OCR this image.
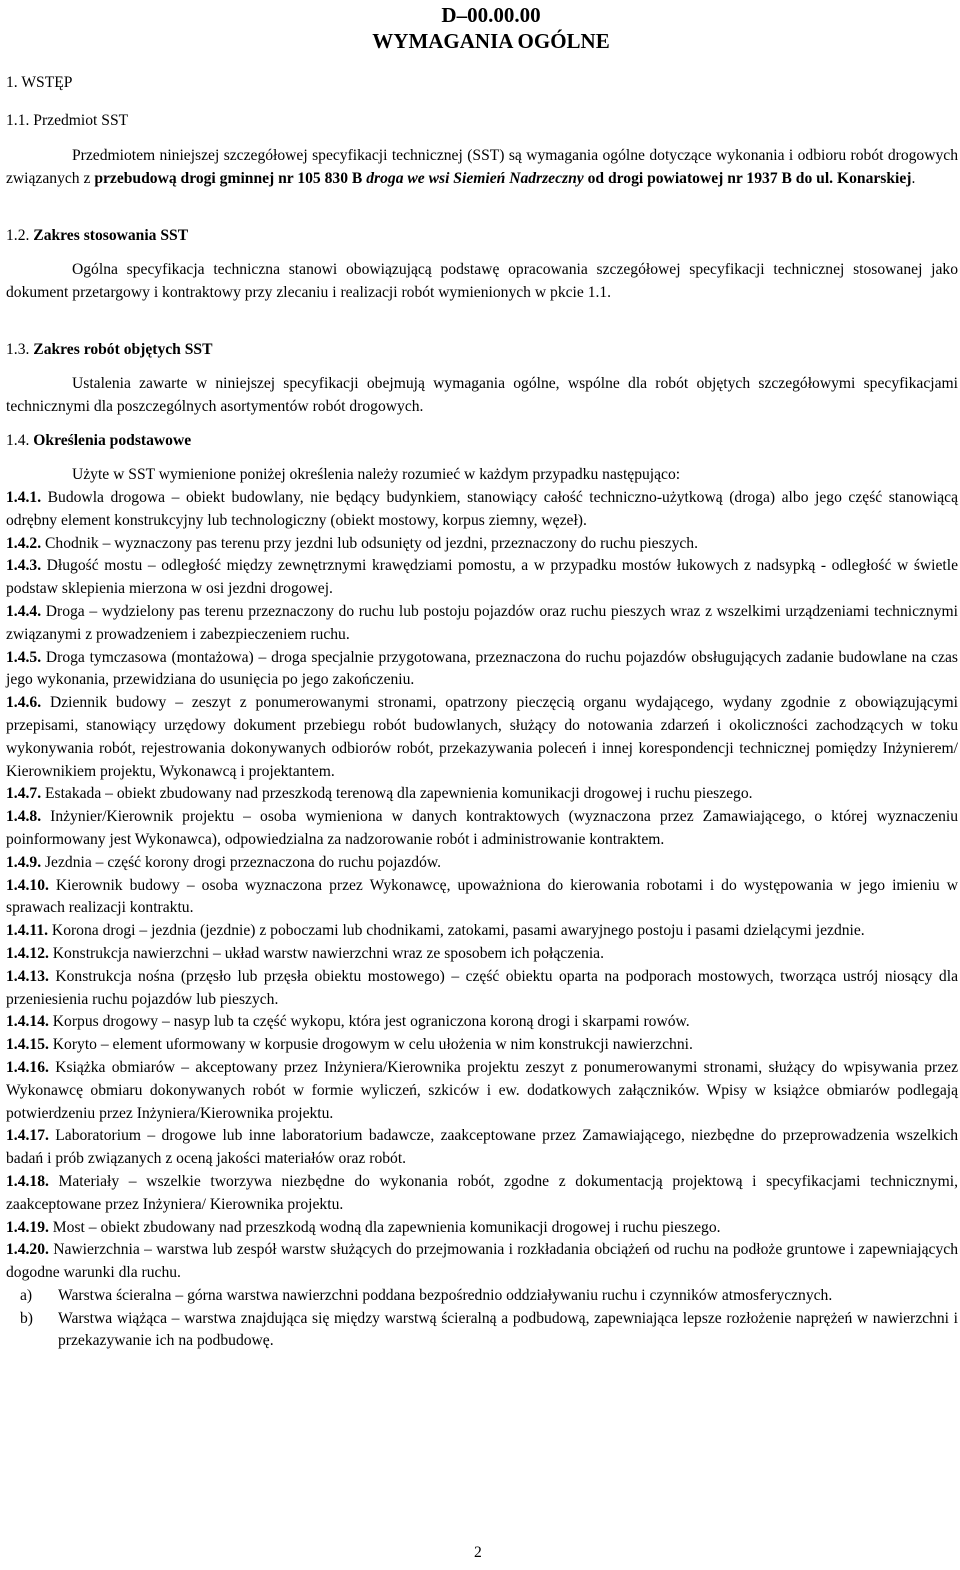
D–00.00.00
WYMAGANIA OGÓLNE
1. WSTĘP
1.1. Przedmiot SST
Przedmiotem niniejszej szczegółowej specyfikacji technicznej (SST) są wymagania ogólne dotyczące wykonania i odbioru robót drogowych związanych z przebudową drogi gminnej nr 105 830 B droga we wsi Siemień Nadrzeczny od drogi powiatowej nr 1937 B do ul. Konarskiej.
1.2. Zakres stosowania SST
Ogólna specyfikacja techniczna stanowi obowiązującą podstawę opracowania szczegółowej specyfikacji technicznej stosowanej jako dokument przetargowy i kontraktowy przy zlecaniu i realizacji robót wymienionych w pkcie 1.1.
1.3. Zakres robót objętych SST
Ustalenia zawarte w niniejszej specyfikacji obejmują wymagania ogólne, wspólne dla robót objętych szczegółowymi specyfikacjami technicznymi dla poszczególnych asortymentów robót drogowych.
1.4. Określenia podstawowe
Użyte w SST wymienione poniżej określenia należy rozumieć w każdym przypadku następująco:
1.4.1. Budowla drogowa – obiekt budowlany, nie będący budynkiem, stanowiący całość techniczno-użytkową (droga) albo jego część stanowiącą odrębny element konstrukcyjny lub technologiczny (obiekt mostowy, korpus ziemny, węzeł).
1.4.2. Chodnik – wyznaczony pas terenu przy jezdni lub odsunięty od jezdni, przeznaczony do ruchu pieszych.
1.4.3. Długość mostu – odległość między zewnętrznymi krawędziami pomostu, a w przypadku mostów łukowych z nadsypką - odległość w świetle podstaw sklepienia mierzona w osi jezdni drogowej.
1.4.4. Droga – wydzielony pas terenu przeznaczony do ruchu lub postoju pojazdów oraz ruchu pieszych wraz z wszelkimi urządzeniami technicznymi związanymi z prowadzeniem i zabezpieczeniem ruchu.
1.4.5. Droga tymczasowa (montażowa) – droga specjalnie przygotowana, przeznaczona do ruchu pojazdów obsługujących zadanie budowlane na czas jego wykonania, przewidziana do usunięcia po jego zakończeniu.
1.4.6. Dziennik budowy – zeszyt z ponumerowanymi stronami, opatrzony pieczęcią organu wydającego, wydany zgodnie z obowiązującymi przepisami, stanowiący urzędowy dokument przebiegu robót budowlanych, służący do notowania zdarzeń i okoliczności zachodzących w toku wykonywania robót, rejestrowania dokonywanych odbiorów robót, przekazywania poleceń i innej korespondencji technicznej pomiędzy Inżynierem/ Kierownikiem projektu, Wykonawcą i projektantem.
1.4.7. Estakada – obiekt zbudowany nad przeszkodą terenową dla zapewnienia komunikacji drogowej i ruchu pieszego.
1.4.8. Inżynier/Kierownik projektu – osoba wymieniona w danych kontraktowych (wyznaczona przez Zamawiającego, o której wyznaczeniu poinformowany jest Wykonawca), odpowiedzialna za nadzorowanie robót i administrowanie kontraktem.
1.4.9. Jezdnia – część korony drogi przeznaczona do ruchu pojazdów.
1.4.10. Kierownik budowy – osoba wyznaczona przez Wykonawcę, upoważniona do kierowania robotami i do występowania w jego imieniu w sprawach realizacji kontraktu.
1.4.11. Korona drogi – jezdnia (jezdnie) z poboczami lub chodnikami, zatokami, pasami awaryjnego postoju i pasami dzielącymi jezdnie.
1.4.12. Konstrukcja nawierzchni – układ warstw nawierzchni wraz ze sposobem ich połączenia.
1.4.13. Konstrukcja nośna (przęsło lub przęsła obiektu mostowego) – część obiektu oparta na podporach mostowych, tworząca ustrój niosący dla przeniesienia ruchu pojazdów lub pieszych.
1.4.14. Korpus drogowy – nasyp lub ta część wykopu, która jest ograniczona koroną drogi i skarpami rowów.
1.4.15. Koryto – element uformowany w korpusie drogowym w celu ułożenia w nim konstrukcji nawierzchni.
1.4.16. Książka obmiarów – akceptowany przez Inżyniera/Kierownika projektu zeszyt z ponumerowanymi stronami, służący do wpisywania przez Wykonawcę obmiaru dokonywanych robót w formie wyliczeń, szkiców i ew. dodatkowych załączników. Wpisy w książce obmiarów podlegają potwierdzeniu przez Inżyniera/Kierownika projektu.
1.4.17. Laboratorium – drogowe lub inne laboratorium badawcze, zaakceptowane przez Zamawiającego, niezbędne do przeprowadzenia wszelkich badań i prób związanych z oceną jakości materiałów oraz robót.
1.4.18. Materiały – wszelkie tworzywa niezbędne do wykonania robót, zgodne z dokumentacją projektową i specyfikacjami technicznymi, zaakceptowane przez Inżyniera/ Kierownika projektu.
1.4.19. Most – obiekt zbudowany nad przeszkodą wodną dla zapewnienia komunikacji drogowej i ruchu pieszego.
1.4.20. Nawierzchnia – warstwa lub zespół warstw służących do przejmowania i rozkładania obciążeń od ruchu na podłoże gruntowe i zapewniających dogodne warunki dla ruchu.
a)	Warstwa ścieralna – górna warstwa nawierzchni poddana bezpośrednio oddziaływaniu ruchu i czynników atmosferycznych.
b)	Warstwa wiążąca – warstwa znajdująca się między warstwą ścieralną a podbudową, zapewniająca lepsze rozłożenie naprężeń w nawierzchni i przekazywanie ich na podbudowę.
2
